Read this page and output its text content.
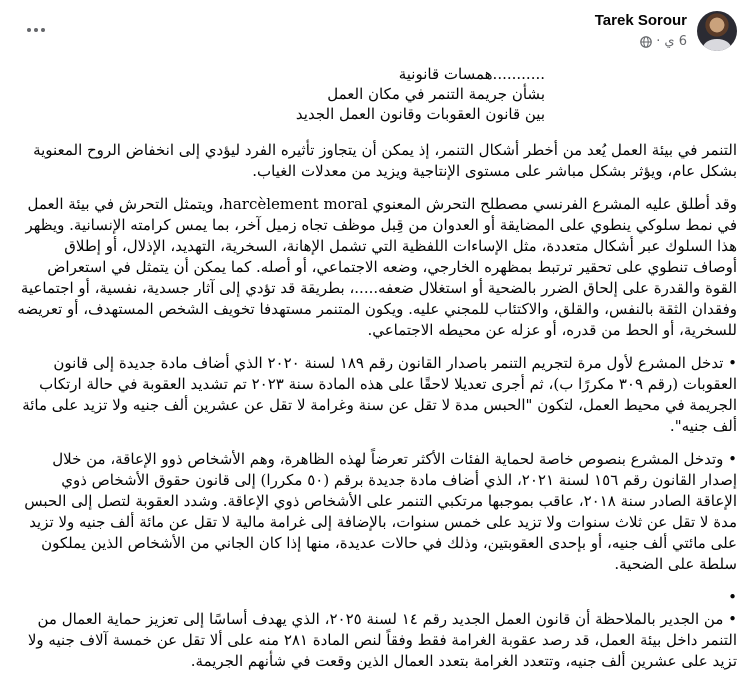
Tarek Sorour
6 ي
·
...........همسات قانونية
بشأن جريمة التنمر في مكان العمل
بين قانون العقوبات وقانون العمل الجديد

التنمر في بيئة العمل يُعد من أخطر أشكال التنمر، إذ يمكن أن يتجاوز تأثيره الفرد ليؤدي إلى انخفاض الروح المعنوية بشكل عام، ويؤثر بشكل مباشر على مستوى الإنتاجية ويزيد من معدلات الغياب.

وقد أطلق عليه المشرع الفرنسي مصطلح التحرش المعنوي harcèlement moral، ويتمثل التحرش في بيئة العمل في نمط سلوكي ينطوي على المضايقة أو العدوان من قِبل موظف تجاه زميل آخر، بما يمس كرامته الإنسانية. ويظهر هذا السلوك عبر أشكال متعددة، مثل الإساءات اللفظية التي تشمل الإهانة، السخرية، التهديد، الإذلال، أو إطلاق أوصاف تنطوي على تحقير ترتبط بمظهره الخارجي، وضعه الاجتماعي، أو أصله. كما يمكن أن يتمثل في استعراض القوة والقدرة على إلحاق الضرر بالضحية أو استغلال ضعفه.....، بطريقة قد تؤدي إلى آثار جسدية، نفسية، أو اجتماعية وفقدان الثقة بالنفس، والقلق، والاكتئاب للمجني عليه. ويكون المتنمر مستهدفا تخويف الشخص المستهدف، أو تعريضه للسخرية، أو الحط من قدره، أو عزله عن محيطه الاجتماعي.

• تدخل المشرع لأول مرة لتجريم التنمر باصدار القانون رقم ١٨٩ لسنة ٢٠٢٠ الذي أضاف مادة جديدة إلى قانون العقوبات (رقم ٣٠٩ مكررًا ب)، ثم أجرى تعديلا لاحقًا على هذه المادة سنة ٢٠٢٣ تم تشديد العقوبة في حالة ارتكاب الجريمة في محيط العمل، لتكون "الحبس مدة لا تقل عن سنة وغرامة لا تقل عن عشرين ألف جنيه ولا تزيد على مائة ألف جنيه".

• وتدخل المشرع بنصوص خاصة لحماية الفئات الأكثر تعرضاً لهذه الظاهرة، وهم الأشخاص ذوو الإعاقة، من خلال إصدار القانون رقم ١٥٦ لسنة ٢٠٢١، الذي أضاف مادة جديدة برقم (٥٠ مكررا) إلى قانون حقوق الأشخاص ذوي الإعاقة الصادر سنة ٢٠١٨، عاقب بموجبها مرتكبي التنمر على الأشخاص ذوي الإعاقة. وشدد العقوبة لتصل إلى الحبس مدة لا تقل عن ثلاث سنوات ولا تزيد على خمس سنوات، بالإضافة إلى غرامة مالية لا تقل عن مائة ألف جنيه ولا تزيد على مائتي ألف جنيه، أو بإحدى العقوبتين، وذلك في حالات عديدة، منها إذا كان الجاني من الأشخاص الذين يملكون سلطة على الضحية.

•

• من الجدير بالملاحظة أن قانون العمل الجديد رقم ١٤ لسنة ٢٠٢٥، الذي يهدف أساسًا إلى تعزيز حماية العمال من التنمر داخل بيئة العمل، قد رصد عقوبة الغرامة فقط وفقاً لنص المادة ٢٨١ منه على ألا تقل عن خمسة آلاف جنيه ولا تزيد على عشرين ألف جنيه، وتتعدد الغرامة بتعدد العمال الذين وقعت في شأنهم الجريمة.
